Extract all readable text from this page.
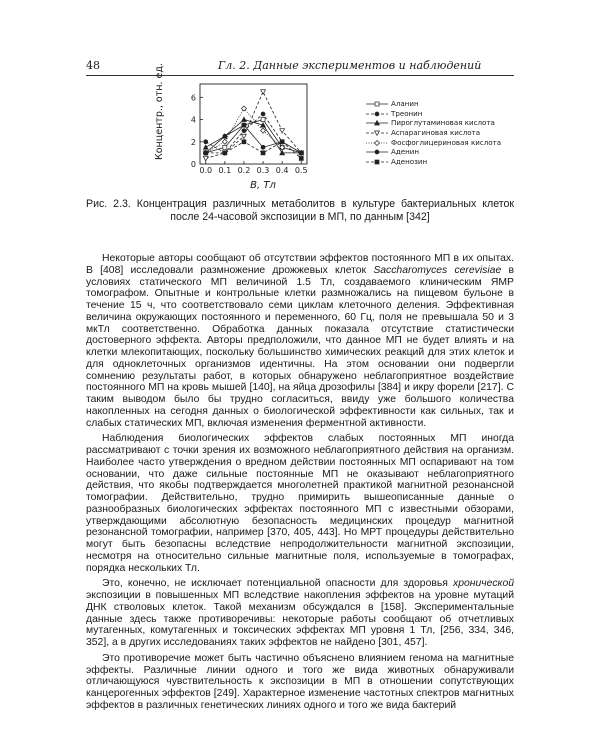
48	Гл. 2. Данные экспериментов и наблюдений
0.0 0.1 0.2 0.3 0.4 0.5
0
2
4
6
Концентр., отн. ед.
B, Тл
Аланин
Треонин
Пироглутаминовая кислота
Аспарагиновая кислота
Фосфоглицериновая кислота
Аденин
Аденозин
Рис. 2.3. Концентрация различных метаболитов в культуре бактериальных клеток после 24-часовой экспозиции в МП, по данным [342]

Некоторые авторы сообщают об отсутствии эффектов постоянного МП в их опытах. В [408] исследовали размножение дрожжевых клеток Saccharomyces cerevisiae в условиях статического МП величиной 1.5 Тл, создаваемого клиническим ЯМР томографом. Опытные и контрольные клетки размножались на пищевом бульоне в течение 15 ч, что соответствовало семи циклам клеточного деления. Эффективная величина окружающих постоянного и переменного, 60 Гц, поля не превышала 50 и 3 мкТл соответственно. Обработка данных показала отсутствие статистически достоверного эффекта. Авторы предположили, что данное МП не будет влиять и на клетки млекопитающих, поскольку большинство химических реакций для этих клеток и для одноклеточных организмов идентичны. На этом основании они подвергли сомнению результаты работ, в которых обнаружено неблагоприятное воздействие постоянного МП на кровь мышей [140], на яйца дрозофилы [384] и икру форели [217]. С таким выводом было бы трудно согласиться, ввиду уже большого количества накопленных на сегодня данных о биологической эффективности как сильных, так и слабых статических МП, включая изменения ферментной активности.

Наблюдения биологических эффектов слабых постоянных МП иногда рассматривают с точки зрения их возможного неблагоприятного действия на организм. Наиболее часто утверждения о вредном действии постоянных МП оспаривают на том основании, что даже сильные постоянные МП не оказывают неблагоприятного действия, что якобы подтверждается многолетней практикой магнитной резонансной томографии. Действительно, трудно примирить вышеописанные данные о разнообразных биологических эффектах постоянного МП с известными обзорами, утверждающими абсолютную безопасность медицинских процедур магнитной резонансной томографии, например [370, 405, 443]. Но МРТ процедуры действительно могут быть безопасны вследствие непродолжительности магнитной экспозиции, несмотря на относительно сильные магнитные поля, используемые в томографах, порядка нескольких Тл.

Это, конечно, не исключает потенциальной опасности для здоровья хронической экспозиции в повышенных МП вследствие накопления эффектов на уровне мутаций ДНК стволовых клеток. Такой механизм обсуждался в [158]. Экспериментальные данные здесь также противоречивы: некоторые работы сообщают об отчетливых мутагенных, комутагенных и токсических эффектах МП уровня 1 Тл, [256, 334, 346, 352], а в других исследованиях таких эффектов не найдено [301, 457].

Это противоречие может быть частично объяснено влиянием генома на магнитные эффекты. Различные линии одного и того же вида животных обнаруживали отличающуюся чувствительность к экспозиции в МП в отношении сопутствующих канцерогенных эффектов [249]. Характерное изменение частотных спектров магнитных эффектов в различных генетических линиях одного и того же вида бактерий
